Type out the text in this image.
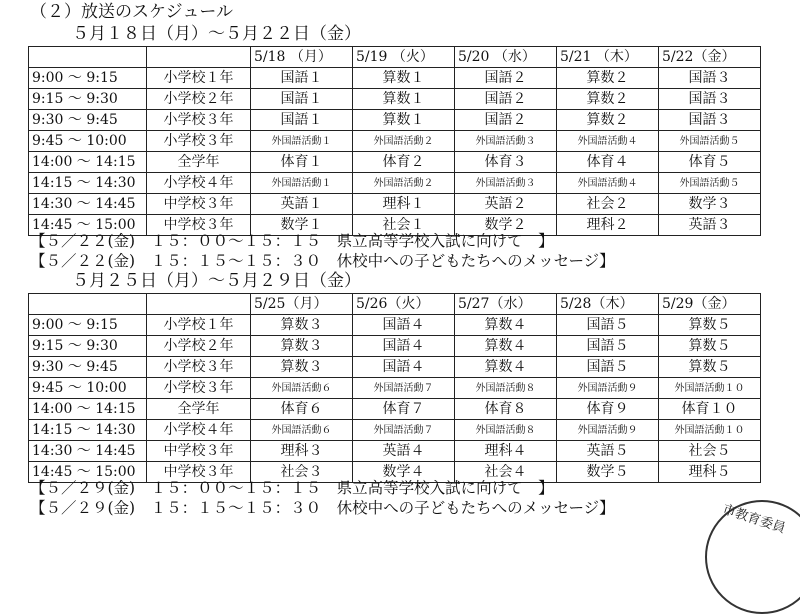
（２）放送のスケジュール
５月１８日（月）～５月２２日（金）
		5/18 （月）	5/19 （火）	5/20 （水）	5/21 （木）	5/22（金）
9:00 ～ 9:15	小学校１年	国語１	算数１	国語２	算数２	国語３
9:15 ～ 9:30	小学校２年	国語１	算数１	国語２	算数２	国語３
9:30 ～ 9:45	小学校３年	国語１	算数１	国語２	算数２	国語３
9:45 ～ 10:00	小学校３年	外国語活動１	外国語活動２	外国語活動３	外国語活動４	外国語活動５
14:00 ～ 14:15	全学年	体育１	体育２	体育３	体育４	体育５
14:15 ～ 14:30	小学校４年	外国語活動１	外国語活動２	外国語活動３	外国語活動４	外国語活動５
14:30 ～ 14:45	中学校３年	英語１	理科１	英語２	社会２	数学３
14:45 ～ 15:00	中学校３年	数学１	社会１	数学２	理科２	英語３
【５／２２(金)　１５：００～１５：１５　県立高等学校入試に向けて　】
【５／２２(金)　１５：１５～１５：３０　休校中への子どもたちへのメッセージ】
５月２５日（月）～５月２９日（金）
		5/25（月）	5/26（火）	5/27（水）	5/28（木）	5/29（金）
9:00 ～ 9:15	小学校１年	算数３	国語４	算数４	国語５	算数５
9:15 ～ 9:30	小学校２年	算数３	国語４	算数４	国語５	算数５
9:30 ～ 9:45	小学校３年	算数３	国語４	算数４	国語５	算数５
9:45 ～ 10:00	小学校３年	外国語活動６	外国語活動７	外国語活動８	外国語活動９	外国語活動１０
14:00 ～ 14:15	全学年	体育６	体育７	体育８	体育９	体育１０
14:15 ～ 14:30	小学校４年	外国語活動６	外国語活動７	外国語活動８	外国語活動９	外国語活動１０
14:30 ～ 14:45	中学校３年	理科３	英語４	理科４	英語５	社会５
14:45 ～ 15:00	中学校３年	社会３	数学４	社会４	数学５	理科５
【５／２９(金)　１５：００～１５：１５　県立高等学校入試に向けて　】
【５／２９(金)　１５：１５～１５：３０　休校中への子どもたちへのメッセージ】	市教育委員
